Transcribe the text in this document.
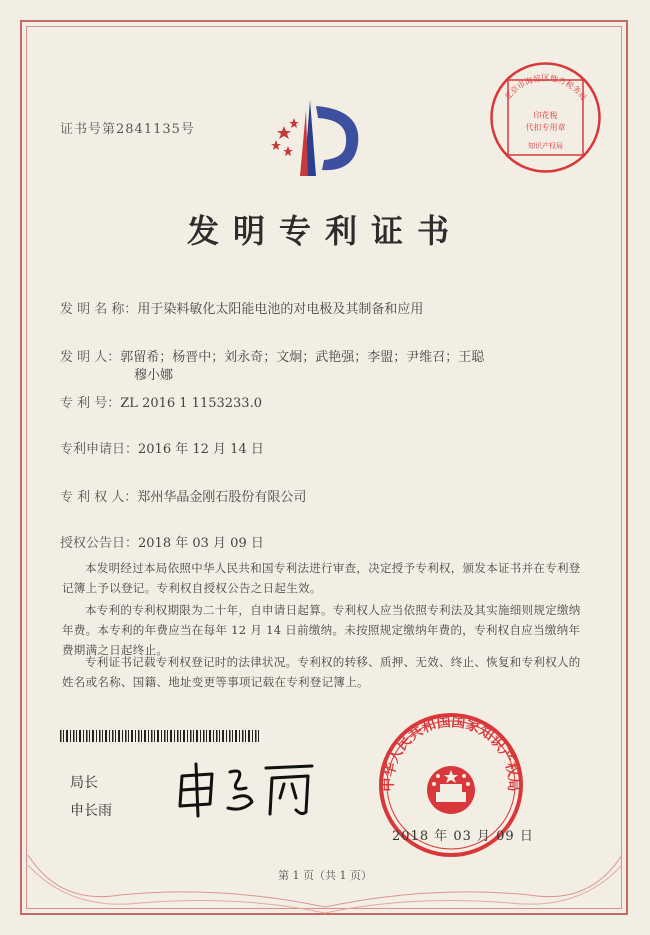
证书号第2841135号
北京市海淀区地方税务局
印花税
代扣专用章
知识产权局
发明专利证书
发 明 名 称：用于染料敏化太阳能电池的对电极及其制备和应用
发 明 人：郭留希；杨晋中；刘永奇；文炯；武艳强；李盟；尹维召；王聪
穆小娜
专 利 号：ZL 2016 1 1153233.0
专利申请日：2016 年 12 月 14 日
专 利 权 人：郑州华晶金刚石股份有限公司
授权公告日：2018 年 03 月 09 日
本发明经过本局依照中华人民共和国专利法进行审查，决定授予专利权，颁发本证书并在专利登记簿上予以登记。专利权自授权公告之日起生效。
本专利的专利权期限为二十年，自申请日起算。专利权人应当依照专利法及其实施细则规定缴纳年费。本专利的年费应当在每年 12 月 14 日前缴纳。未按照规定缴纳年费的，专利权自应当缴纳年费期满之日起终止。
专利证书记载专利权登记时的法律状况。专利权的转移、质押、无效、终止、恢复和专利权人的姓名或名称、国籍、地址变更等事项记载在专利登记簿上。
局长
申长雨
中华人民共和国国家知识产权局
2018 年 03 月 09 日
第 1 页（共 1 页）
